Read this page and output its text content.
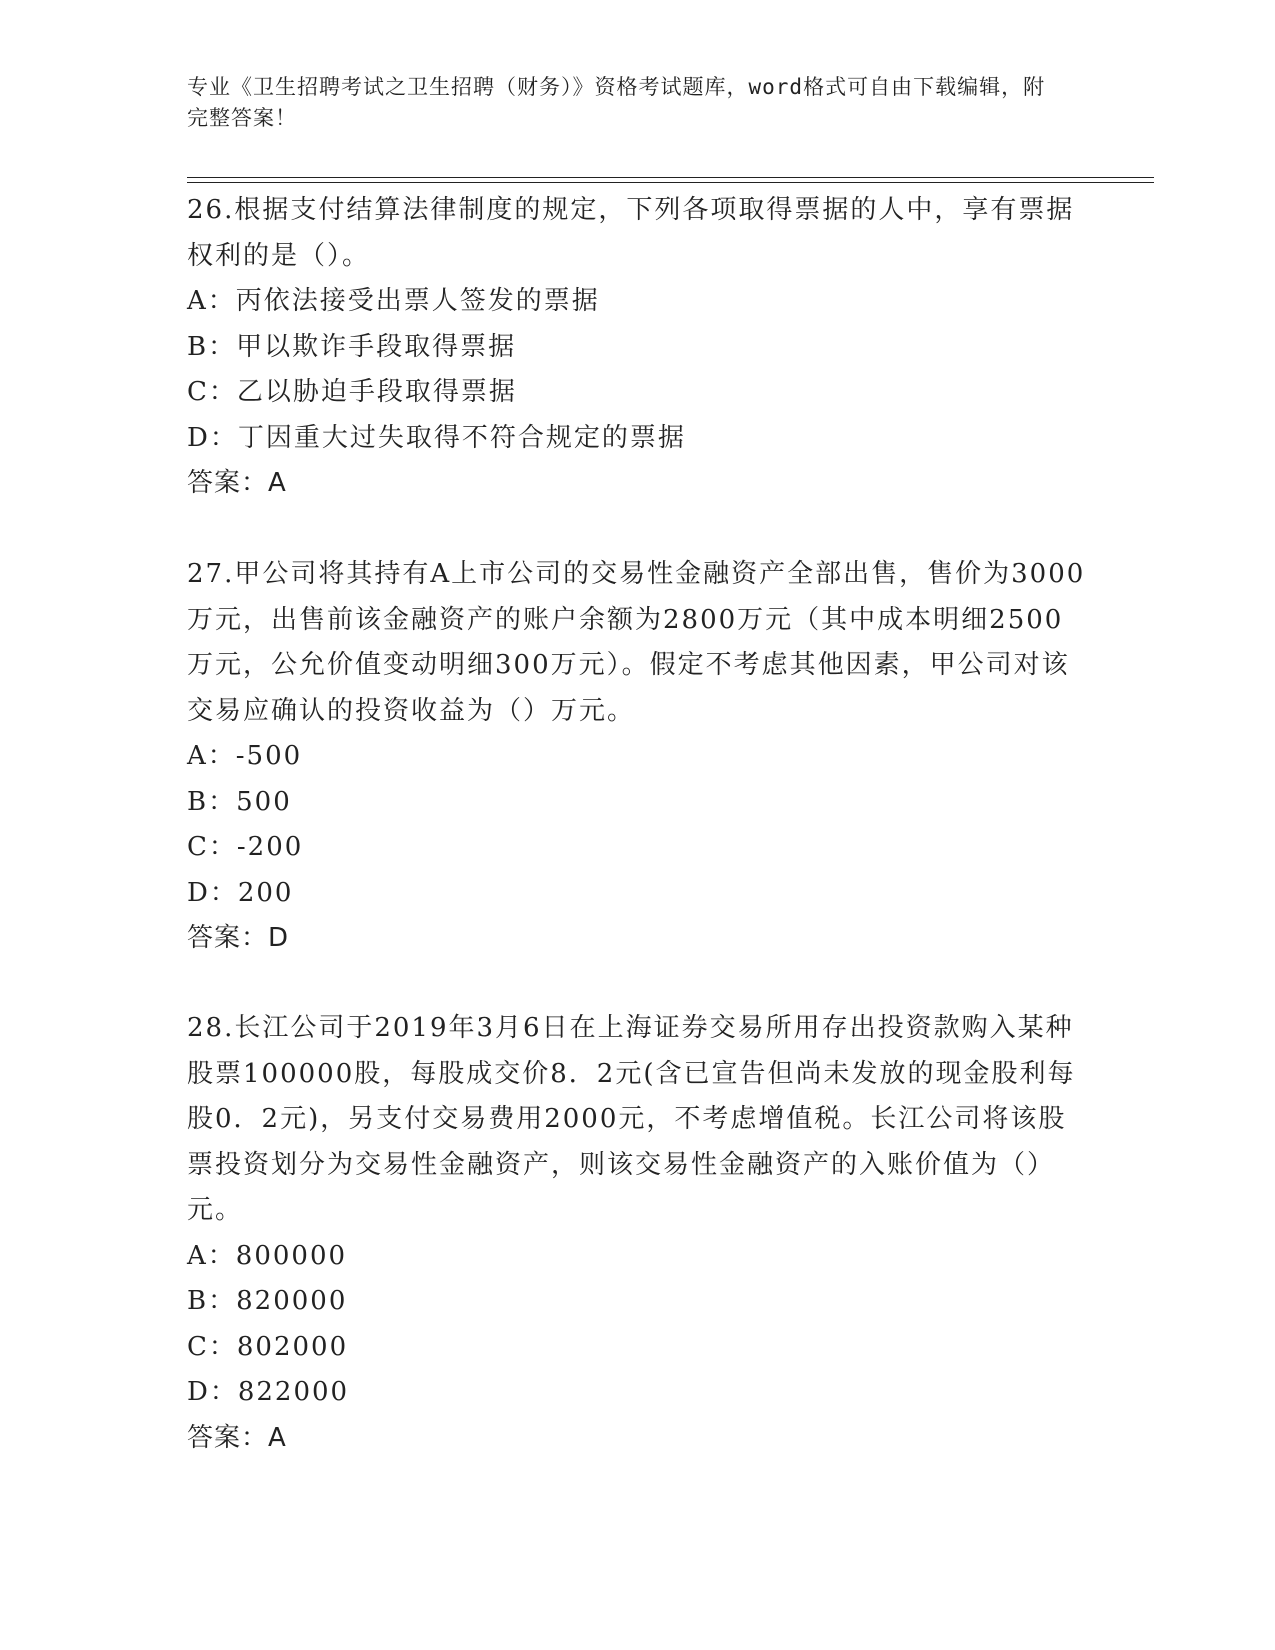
专业《卫生招聘考试之卫生招聘（财务）》资格考试题库，word格式可自由下载编辑，附完整答案！

26.根据支付结算法律制度的规定，下列各项取得票据的人中，享有票据权利的是（）。

A：丙依法接受出票人签发的票据

B：甲以欺诈手段取得票据

C：乙以胁迫手段取得票据

D：丁因重大过失取得不符合规定的票据

答案：A

27.甲公司将其持有A上市公司的交易性金融资产全部出售，售价为3000万元，出售前该金融资产的账户余额为2800万元（其中成本明细2500万元，公允价值变动明细300万元）。假定不考虑其他因素，甲公司对该交易应确认的投资收益为（）万元。

A：-500

B：500

C：-200

D：200

答案：D

28.长江公司于2019年3月6日在上海证券交易所用存出投资款购入某种股票100000股，每股成交价8．2元(含已宣告但尚未发放的现金股利每股0．2元)，另支付交易费用2000元，不考虑增值税。长江公司将该股票投资划分为交易性金融资产，则该交易性金融资产的入账价值为（）元。

A：800000

B：820000

C：802000

D：822000

答案：A
